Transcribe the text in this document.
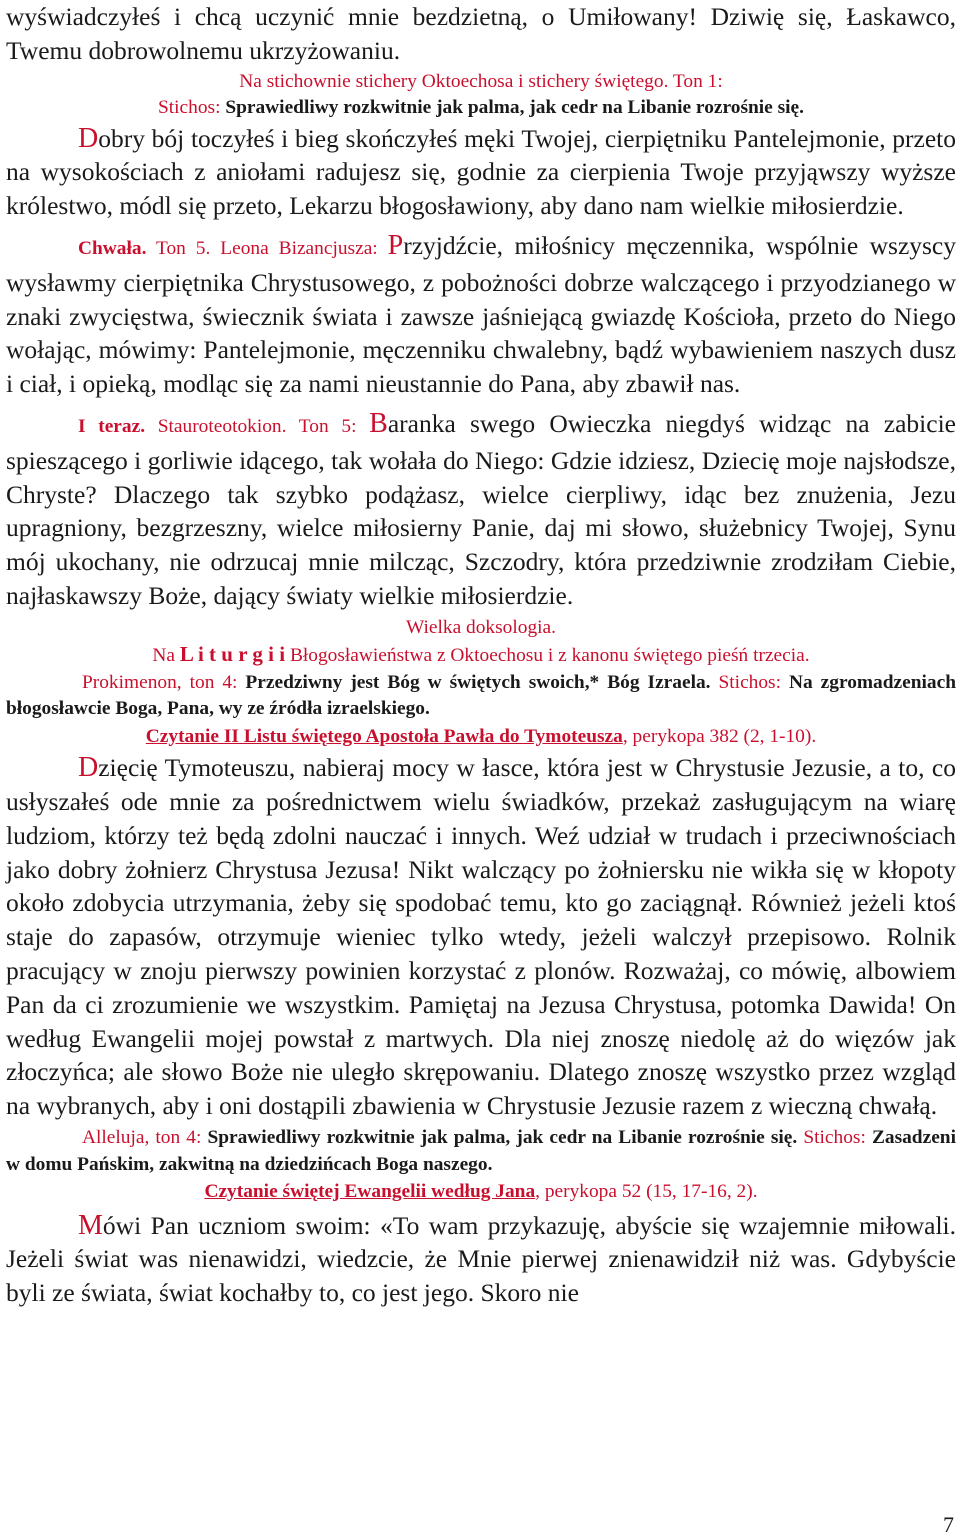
wyświadczyłeś i chcą uczynić mnie bezdzietną, o Umiłowany! Dziwię się, Łaskawco, Twemu dobrowolnemu ukrzyżowaniu.

Na stichownie stichery Oktoechosa i stichery świętego. Ton 1:

Stichos: Sprawiedliwy rozkwitnie jak palma, jak cedr na Libanie rozrośnie się.

Dobry bój toczyłeś i bieg skończyłeś męki Twojej, cierpiętniku Pantelejmonie, przeto na wysokościach z aniołami radujesz się, godnie za cierpienia Twoje przyjąwszy wyższe królestwo, módl się przeto, Lekarzu błogosławiony, aby dano nam wielkie miłosierdzie.

Chwała. Ton 5. Leona Bizancjusza: Przyjdźcie, miłośnicy męczennika, wspólnie wszyscy wysławmy cierpiętnika Chrystusowego, z pobożności dobrze walczącego i przyodzianego w znaki zwycięstwa, świecznik świata i zawsze jaśniejącą gwiazdę Kościoła, przeto do Niego wołając, mówimy: Pantelejmonie, męczenniku chwalebny, bądź wybawieniem naszych dusz i ciał, i opieką, modląc się za nami nieustannie do Pana, aby zbawił nas.

I teraz. Stauroteotokion. Ton 5: Baranka swego Owieczka niegdyś widząc na zabicie spieszącego i gorliwie idącego, tak wołała do Niego: Gdzie idziesz, Dziecię moje najsłodsze, Chryste? Dlaczego tak szybko podążasz, wielce cierpliwy, idąc bez znużenia, Jezu upragniony, bezgrzeszny, wielce miłosierny Panie, daj mi słowo, służebnicy Twojej, Synu mój ukochany, nie odrzucaj mnie milcząc, Szczodry, która przedziwnie zrodziłam Ciebie, najłaskawszy Boże, dający światy wielkie miłosierdzie.

Wielka doksologia.

Na L i t u r g i i Błogosławieństwa z Oktoechosu i z kanonu świętego pieśń trzecia.

Prokimenon, ton 4: Przedziwny jest Bóg w świętych swoich,* Bóg Izraela. Stichos: Na zgromadzeniach błogosławcie Boga, Pana, wy ze źródła izraelskiego.

Czytanie II Listu świętego Apostoła Pawła do Tymoteusza, perykopa 382 (2, 1-10).

Dzięcię Tymoteuszu, nabieraj mocy w łasce, która jest w Chrystusie Jezusie, a to, co usłyszałeś ode mnie za pośrednictwem wielu świadków, przekaż zasługującym na wiarę ludziom, którzy też będą zdolni nauczać i innych. Weź udział w trudach i przeciwnościach jako dobry żołnierz Chrystusa Jezusa! Nikt walczący po żołniersku nie wikła się w kłopoty około zdobycia utrzymania, żeby się spodobać temu, kto go zaciągnął. Również jeżeli ktoś staje do zapasów, otrzymuje wieniec tylko wtedy, jeżeli walczył przepisowo. Rolnik pracujący w znoju pierwszy powinien korzystać z plonów. Rozważaj, co mówię, albowiem Pan da ci zrozumienie we wszystkim. Pamiętaj na Jezusa Chrystusa, potomka Dawida! On według Ewangelii mojej powstał z martwych. Dla niej znoszę niedolę aż do więzów jak złoczyńca; ale słowo Boże nie uległo skrępowaniu. Dlatego znoszę wszystko przez wzgląd na wybranych, aby i oni dostąpili zbawienia w Chrystusie Jezusie razem z wieczną chwałą.

Alleluja, ton 4: Sprawiedliwy rozkwitnie jak palma, jak cedr na Libanie rozrośnie się. Stichos: Zasadzeni w domu Pańskim, zakwitną na dziedzińcach Boga naszego.

Czytanie świętej Ewangelii według Jana, perykopa 52 (15, 17-16, 2).

Mówi Pan uczniom swoim: «To wam przykazuję, abyście się wzajemnie miłowali. Jeżeli świat was nienawidzi, wiedzcie, że Mnie pierwej znienawidził niż was. Gdybyście byli ze świata, świat kochałby to, co jest jego. Skoro nie

7
